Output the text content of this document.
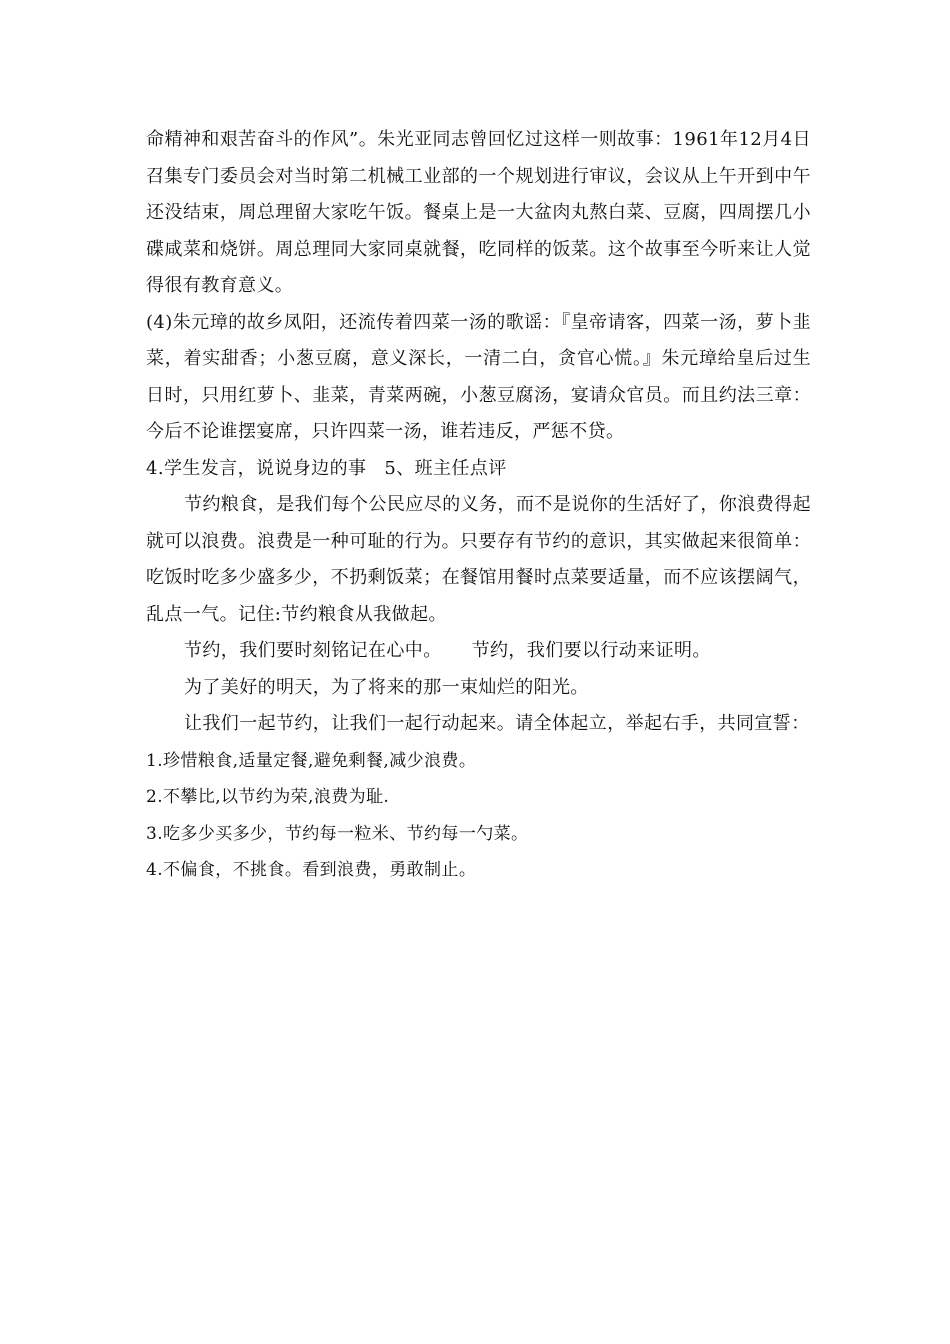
命精神和艰苦奋斗的作风”。朱光亚同志曾回忆过这样一则故事：1961年12月4日召集专门委员会对当时第二机械工业部的一个规划进行审议，会议从上午开到中午还没结束，周总理留大家吃午饭。餐桌上是一大盆肉丸熬白菜、豆腐，四周摆几小碟咸菜和烧饼。周总理同大家同桌就餐，吃同样的饭菜。这个故事至今听来让人觉得很有教育意义。

(4)朱元璋的故乡凤阳，还流传着四菜一汤的歌谣：『皇帝请客，四菜一汤，萝卜韭菜，着实甜香；小葱豆腐，意义深长，一清二白，贪官心慌。』朱元璋给皇后过生日时，只用红萝卜、韭菜，青菜两碗，小葱豆腐汤，宴请众官员。而且约法三章：今后不论谁摆宴席，只许四菜一汤，谁若违反，严惩不贷。

4.学生发言，说说身边的事 5、班主任点评

节约粮食，是我们每个公民应尽的义务，而不是说你的生活好了，你浪费得起就可以浪费。浪费是一种可耻的行为。只要存有节约的意识，其实做起来很简单：吃饭时吃多少盛多少，不扔剩饭菜；在餐馆用餐时点菜要适量，而不应该摆阔气，乱点一气。记住:节约粮食从我做起。

节约，我们要时刻铭记在心中。 节约，我们要以行动来证明。

为了美好的明天，为了将来的那一束灿烂的阳光。

让我们一起节约，让我们一起行动起来。请全体起立，举起右手，共同宣誓：

1.珍惜粮食,适量定餐,避免剩餐,减少浪费。

2.不攀比,以节约为荣,浪费为耻.

3.吃多少买多少，节约每一粒米、节约每一勺菜。

4.不偏食，不挑食。看到浪费，勇敢制止。
